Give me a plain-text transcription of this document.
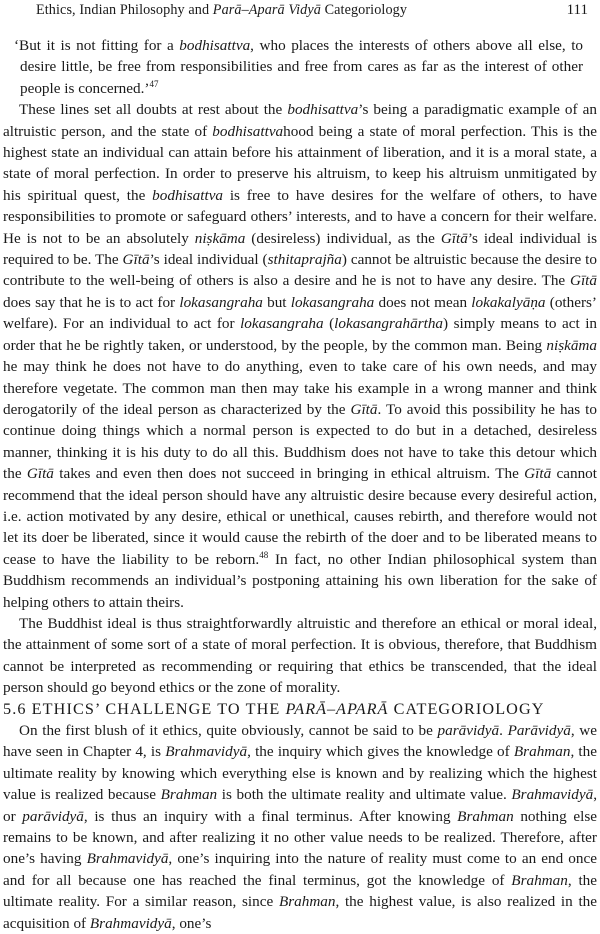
Ethics, Indian Philosophy and Parā–Aparā Vidyā Categoriology	111

‘But it is not fitting for a bodhisattva, who places the interests of others above all else, to desire little, be free from responsibilities and free from cares as far as the interest of other people is concerned.’$^{47}$

These lines set all doubts at rest about the bodhisattva’s being a paradigmatic example of an altruistic person, and the state of bodhisattvahood being a state of moral perfection. This is the highest state an individual can attain before his attainment of liberation, and it is a moral state, a state of moral perfection. In order to preserve his altruism, to keep his altruism unmitigated by his spiritual quest, the bodhisattva is free to have desires for the welfare of others, to have responsibilities to promote or safeguard others’ interests, and to have a concern for their welfare. He is not to be an absolutely niṣkāma (desireless) individual, as the Gītā’s ideal individual is required to be. The Gītā’s ideal individual (sthitaprajña) cannot be altruistic because the desire to contribute to the well-being of others is also a desire and he is not to have any desire. The Gītā does say that he is to act for lokasangraha but lokasangraha does not mean lokakalyāṇa (others’ welfare). For an individual to act for lokasangraha (lokasangrahārtha) simply means to act in order that he be rightly taken, or understood, by the people, by the common man. Being niṣkāma he may think he does not have to do anything, even to take care of his own needs, and may therefore vegetate. The common man then may take his example in a wrong manner and think derogatorily of the ideal person as characterized by the Gītā. To avoid this possibility he has to continue doing things which a normal person is expected to do but in a detached, desireless manner, thinking it is his duty to do all this. Buddhism does not have to take this detour which the Gītā takes and even then does not succeed in bringing in ethical altruism. The Gītā cannot recommend that the ideal person should have any altruistic desire because every desireful action, i.e. action motivated by any desire, ethical or unethical, causes rebirth, and therefore would not let its doer be liberated, since it would cause the rebirth of the doer and to be liberated means to cease to have the liability to be reborn.$^{48}$ In fact, no other Indian philosophical system than Buddhism recommends an individual’s postponing attaining his own liberation for the sake of helping others to attain theirs.

The Buddhist ideal is thus straightforwardly altruistic and therefore an ethical or moral ideal, the attainment of some sort of a state of moral perfection. It is obvious, therefore, that Buddhism cannot be interpreted as recommending or requiring that ethics be transcended, that the ideal person should go beyond ethics or the zone of morality.

5.6 ETHICS’ CHALLENGE TO THE PARĀ–APARĀ CATEGORIOLOGY

On the first blush of it ethics, quite obviously, cannot be said to be parāvidyā. Parāvidyā, we have seen in Chapter 4, is Brahmavidyā, the inquiry which gives the knowledge of Brahman, the ultimate reality by knowing which everything else is known and by realizing which the highest value is realized because Brahman is both the ultimate reality and ultimate value. Brahmavidyā, or parāvidyā, is thus an inquiry with a final terminus. After knowing Brahman nothing else remains to be known, and after realizing it no other value needs to be realized. Therefore, after one’s having Brahmavidyā, one’s inquiring into the nature of reality must come to an end once and for all because one has reached the final terminus, got the knowledge of Brahman, the ultimate reality. For a similar reason, since Brahman, the highest value, is also realized in the acquisition of Brahmavidyā, one’s
